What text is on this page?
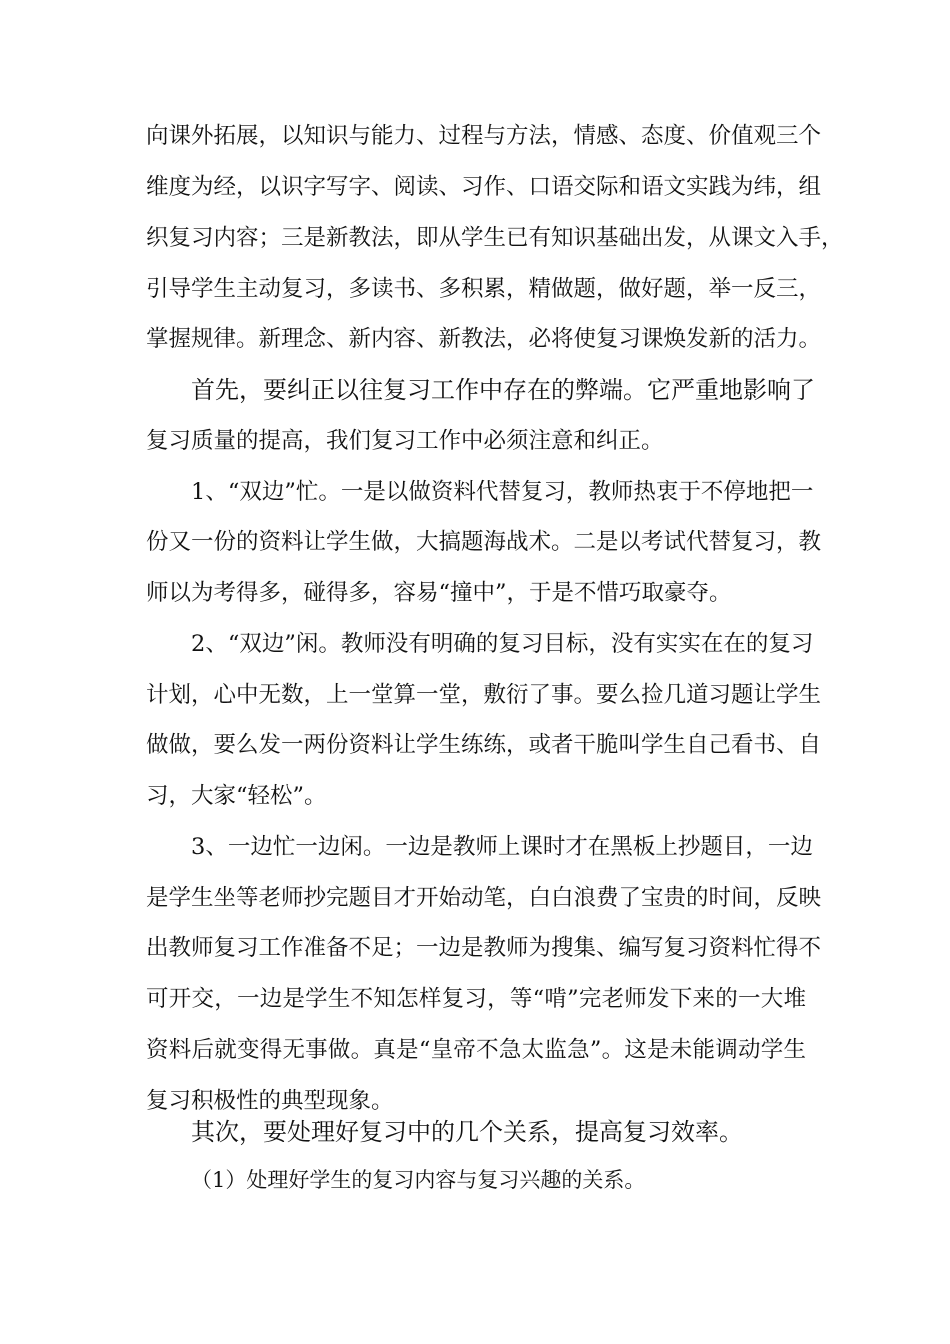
向课外拓展，以知识与能力、过程与方法，情感、态度、价值观三个
维度为经，以识字写字、阅读、习作、口语交际和语文实践为纬，组
织复习内容；三是新教法，即从学生已有知识基础出发，从课文入手，
引导学生主动复习，多读书、多积累，精做题，做好题，举一反三，
掌握规律。新理念、新内容、新教法，必将使复习课焕发新的活力。
首先，要纠正以往复习工作中存在的弊端。它严重地影响了
复习质量的提高，我们复习工作中必须注意和纠正。
1、“双边”忙。一是以做资料代替复习，教师热衷于不停地把一
份又一份的资料让学生做，大搞题海战术。二是以考试代替复习，教
师以为考得多，碰得多，容易“撞中”，于是不惜巧取豪夺。
2、“双边”闲。教师没有明确的复习目标，没有实实在在的复习
计划，心中无数，上一堂算一堂，敷衍了事。要么捡几道习题让学生
做做，要么发一两份资料让学生练练，或者干脆叫学生自己看书、自
习，大家“轻松”。
3、一边忙一边闲。一边是教师上课时才在黑板上抄题目，一边
是学生坐等老师抄完题目才开始动笔，白白浪费了宝贵的时间，反映
出教师复习工作准备不足；一边是教师为搜集、编写复习资料忙得不
可开交，一边是学生不知怎样复习，等“啃”完老师发下来的一大堆
资料后就变得无事做。真是“皇帝不急太监急”。这是未能调动学生
复习积极性的典型现象。
其次，要处理好复习中的几个关系，提高复习效率。
（1）处理好学生的复习内容与复习兴趣的关系。
